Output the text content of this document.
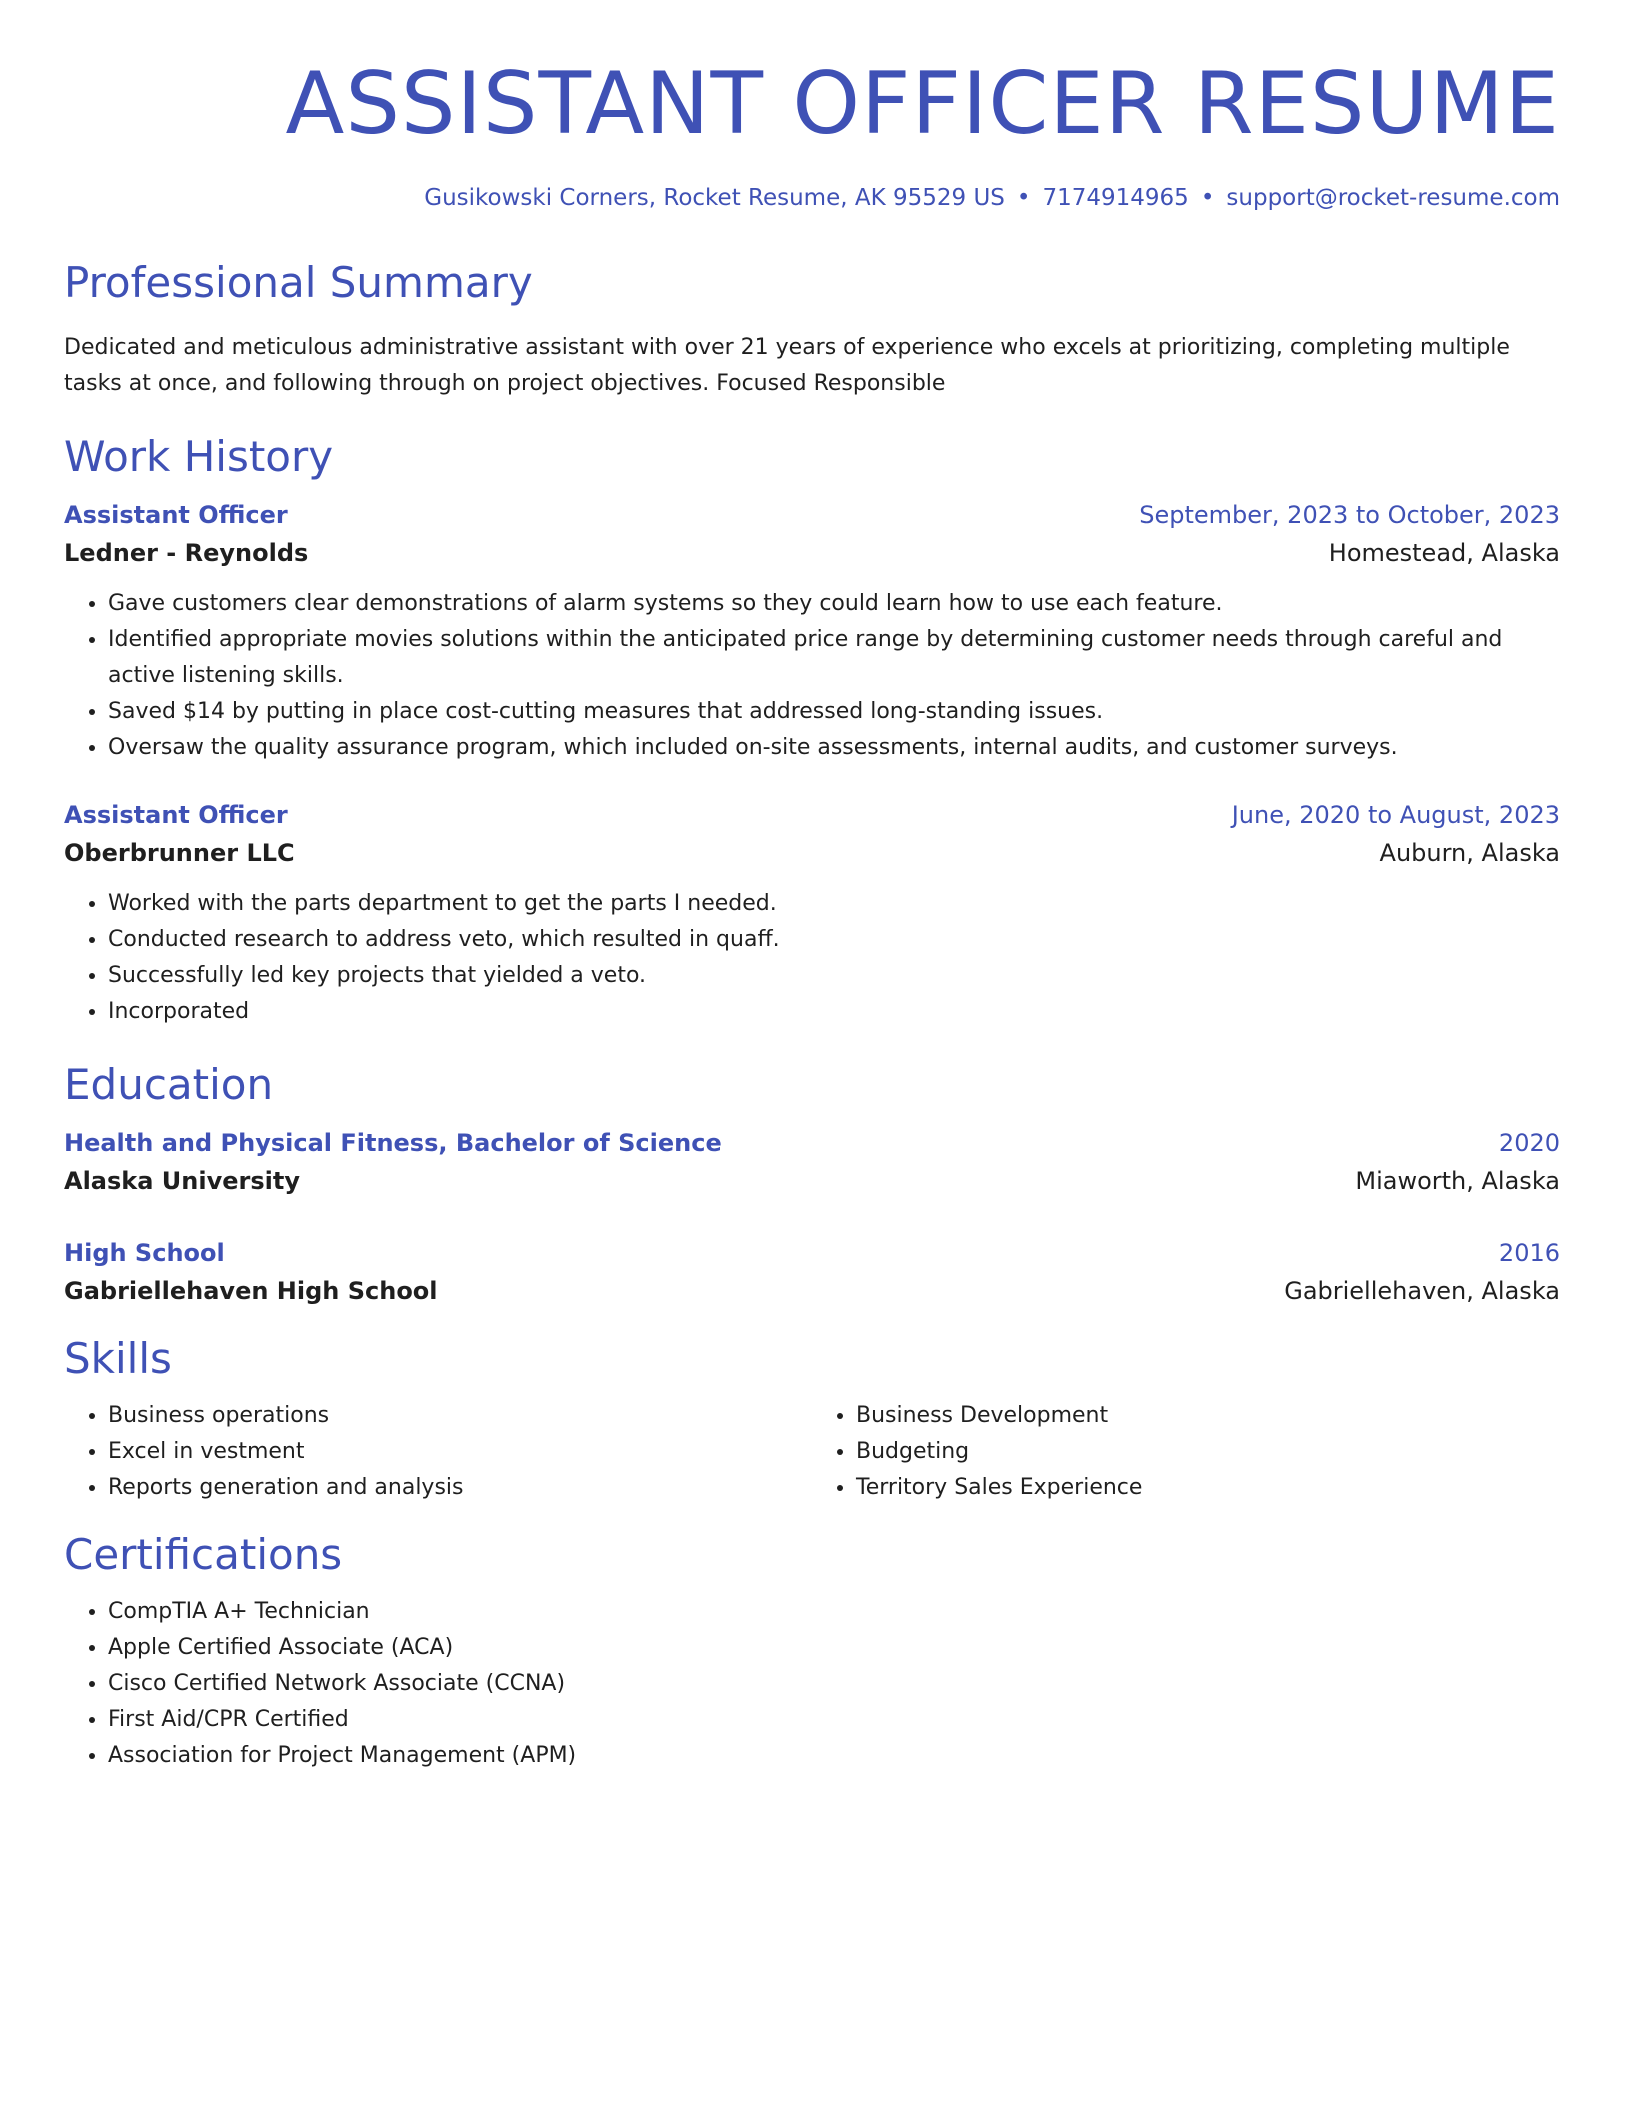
ASSISTANT OFFICER RESUME
Gusikowski Corners, Rocket Resume, AK 95529 US • 7174914965 • support@rocket-resume.com
Professional Summary

Dedicated and meticulous administrative assistant with over 21 years of experience who excels at prioritizing, completing multiple tasks at once, and following through on project objectives. Focused Responsible

Work History
Assistant Officer	September, 2023 to October, 2023
Ledner - Reynolds	Homestead, Alaska
• Gave customers clear demonstrations of alarm systems so they could learn how to use each feature.
• Identified appropriate movies solutions within the anticipated price range by determining customer needs through careful and active listening skills.
• Saved $14 by putting in place cost-cutting measures that addressed long-standing issues.
• Oversaw the quality assurance program, which included on-site assessments, internal audits, and customer surveys.
Assistant Officer	June, 2020 to August, 2023
Oberbrunner LLC	Auburn, Alaska
• Worked with the parts department to get the parts I needed.
• Conducted research to address veto, which resulted in quaff.
• Successfully led key projects that yielded a veto.
• Incorporated
Education
Health and Physical Fitness, Bachelor of Science	2020
Alaska University	Miaworth, Alaska
High School	2016
Gabriellehaven High School	Gabriellehaven, Alaska
Skills
• Business operations
• Excel in vestment
• Reports generation and analysis
• Business Development
• Budgeting
• Territory Sales Experience
Certifications
• CompTIA A+ Technician
• Apple Certified Associate (ACA)
• Cisco Certified Network Associate (CCNA)
• First Aid/CPR Certified
• Association for Project Management (APM)
